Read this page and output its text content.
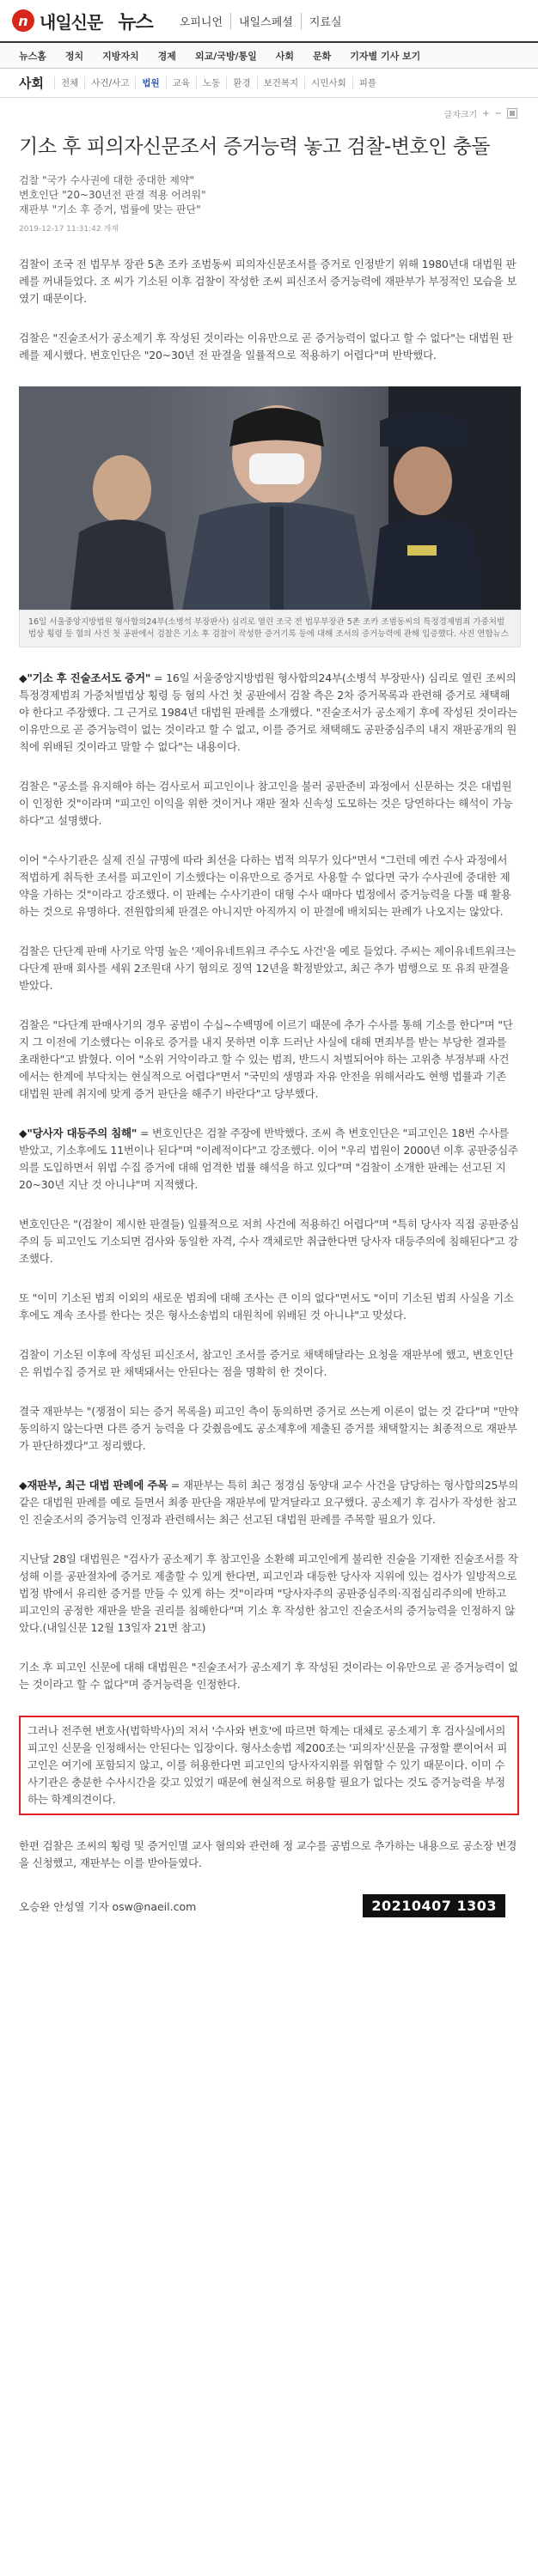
n 내일신문 뉴스	오피니언	내일스페셜	지료실
뉴스홈	정치	지방자치	경제	외교/국방/통일	사회	문화	기자별 기사 보기
사회	전체	사건/사고	법원	교육	노동	환경	보건복지	시민사회	피플
글자크기 + −
기소 후 피의자신문조서 증거능력 놓고 검찰-변호인 충돌
검찰 "국가 수사권에 대한 중대한 제약"
변호인단 "20~30년전 판결 적용 어려워"
재판부 "기소 후 증거, 법률에 맞는 판단"
2019-12-17 11:31:42 게재

검찰이 조국 전 법무부 장관 5촌 조카 조범동씨 피의자신문조서를 증거로 인정받기 위해 1980년대 대법원 판례를 꺼내들었다. 조 씨가 기소된 이후 검찰이 작성한 조씨 피신조서 증거능력에 재판부가 부정적인 모습을 보였기 때문이다.

검찰은 "진술조서가 공소제기 후 작성된 것이라는 이유만으로 곧 증거능력이 없다고 할 수 없다"는 대법원 판례를 제시했다. 변호인단은 "20~30년 전 판결을 일률적으로 적용하기 어렵다"며 반박했다.

16일 서울중앙지방법원 형사합의24부(소병석 부장판사) 심리로 열린 조국 전 법무부장관 5촌 조카 조범동씨의 특정경제범죄 가중처벌법상 횡령 등 혐의 사건 첫 공판에서 검찰은 기소 후 검찰이 작성한 증거기록 등에 대해 조서의 증거능력에 관해 입증했다. 사진 연합뉴스

◆"기소 후 진술조서도 증거" = 16일 서울중앙지방법원 형사합의24부(소병석 부장판사) 심리로 열린 조씨의 특정경제범죄 가중처벌법상 횡령 등 혐의 사건 첫 공판에서 검찰 측은 2차 증거목록과 관련해 증거로 채택해야 한다고 주장했다. 그 근거로 1984년 대법원 판례를 소개했다. "진술조서가 공소제기 후에 작성된 것이라는 이유만으로 곧 증거능력이 없는 것이라고 할 수 없고, 이를 증거로 채택해도 공판중심주의 내지 재판공개의 원칙에 위배된 것이라고 말할 수 없다"는 내용이다.

검찰은 "공소를 유지해야 하는 검사로서 피고인이나 참고인을 불러 공판준비 과정에서 신문하는 것은 대법원이 인정한 것"이라며 "피고인 이익을 위한 것이거나 재판 절차 신속성 도모하는 것은 당연하다는 해석이 가능하다"고 설명했다.

이어 "수사기관은 실제 진실 규명에 따라 최선을 다하는 법적 의무가 있다"면서 "그런데 예컨 수사 과정에서 적법하게 취득한 조서를 피고인이 기소했다는 이유만으로 증거로 사용할 수 없다면 국가 수사권에 중대한 제약을 가하는 것"이라고 강조했다. 이 판례는 수사기관이 대형 수사 때마다 법정에서 증거능력을 다툴 때 활용하는 것으로 유명하다. 전원합의체 판결은 아니지만 아직까지 이 판결에 배치되는 판례가 나오지는 않았다.

검찰은 단단계 판매 사기로 악명 높은 '제이유네트워크 주수도 사건'을 예로 들었다. 주씨는 제이유네트워크는 다단계 판매 회사를 세워 2조원대 사기 혐의로 징역 12년을 확정받았고, 최근 추가 범행으로 또 유죄 판결을 받았다.

검찰은 "다단계 판매사기의 경우 공범이 수십~수백명에 이르기 때문에 추가 수사를 통해 기소를 한다"며 "단지 그 이전에 기소했다는 이유로 증거를 내지 못하면 이후 드러난 사실에 대해 면죄부를 받는 부당한 결과를 초래한다"고 밝혔다. 이어 "소위 거악이라고 할 수 있는 범죄, 반드시 처벌되어야 하는 고위층 부정부패 사건에서는 한계에 부닥치는 현실적으로 어렵다"면서 "국민의 생명과 자유 안전을 위해서라도 현행 법률과 기존 대법원 판례 취지에 맞게 증거 판단을 해주기 바란다"고 당부했다.

◆"당사자 대등주의 침해" = 변호인단은 검찰 주장에 반박했다. 조씨 측 변호인단은 "피고인은 18번 수사를 받았고, 기소후에도 11번이나 된다"며 "이례적이다"고 강조했다. 이어 "우리 법원이 2000년 이후 공판중심주의를 도입하면서 위법 수집 증거에 대해 엄격한 법률 해석을 하고 있다"며 "검찰이 소개한 판례는 선고된 지 20~30년 지난 것 아니냐"며 지적했다.

변호인단은 "(검찰이 제시한 판결들) 일률적으로 저희 사건에 적용하긴 어렵다"며 "특히 당사자 직접 공판중심주의 등 피고인도 기소되면 검사와 동일한 자격, 수사 객체로만 취급한다면 당사자 대등주의에 침해된다"고 강조했다.

또 "이미 기소된 범죄 이외의 새로운 범죄에 대해 조사는 큰 이의 없다"면서도 "이미 기소된 범죄 사실을 기소 후에도 계속 조사를 한다는 것은 형사소송법의 대원칙에 위배된 것 아니냐"고 맞섰다.

검찰이 기소된 이후에 작성된 피신조서, 참고인 조서를 증거로 채택해달라는 요청을 재판부에 했고, 변호인단은 위법수집 증거로 판 채택돼서는 안된다는 점을 명확히 한 것이다.

결국 재판부는 "(쟁점이 되는 증거 목록을) 피고인 측이 동의하면 증거로 쓰는게 이론이 없는 것 같다"며 "만약 동의하지 않는다면 다른 증거 능력을 다 갖췄음에도 공소제후에 제출된 증거를 채택할지는 최종적으로 재판부가 판단하겠다"고 정리했다.

◆재판부, 최근 대법 판례에 주목 = 재판부는 특히 최근 정경심 동양대 교수 사건을 담당하는 형사합의25부의 같은 대법원 판례를 예로 들면서 최종 판단을 재판부에 맡겨달라고 요구했다. 공소제기 후 검사가 작성한 참고인 진술조서의 증거능력 인정과 관련해서는 최근 선고된 대법원 판례를 주목할 필요가 있다.

지난달 28일 대법원은 "검사가 공소제기 후 참고인을 소환해 피고인에게 불리한 진술을 기재한 진술조서를 작성해 이를 공판절차에 증거로 제출할 수 있게 한다면, 피고인과 대등한 당사자 지위에 있는 검사가 일방적으로 법정 밖에서 유리한 증거를 만들 수 있게 하는 것"이라며 "당사자주의 공판중심주의·직접심리주의에 반하고 피고인의 공정한 재판을 받을 권리를 침해한다"며 기소 후 작성한 참고인 진술조서의 증거능력을 인정하지 않았다.(내일신문 12월 13일자 21면 참고)

기소 후 피고인 신문에 대해 대법원은 "진술조서가 공소제기 후 작성된 것이라는 이유만으로 곧 증거능력이 없는 것이라고 할 수 없다"며 증거능력을 인정한다.

그러나 전주현 변호사(법학박사)의 저서 '수사와 변호'에 따르면 학계는 대체로 공소제기 후 검사실에서의 피고인 신문을 인정해서는 안된다는 입장이다. 형사소송법 제200조는 '피의자'신문을 규정할 뿐이어서 피고인은 여기에 포함되지 않고, 이를 허용한다면 피고인의 당사자지위를 위협할 수 있기 때문이다. 이미 수사기관은 충분한 수사시간을 갖고 있었기 때문에 현실적으로 허용할 필요가 없다는 것도 증거능력을 부정하는 학계의견이다.

한편 검찰은 조씨의 횡령 및 증거인멸 교사 혐의와 관련해 정 교수를 공범으로 추가하는 내용으로 공소장 변경을 신청했고, 재판부는 이를 받아들였다.

오승완 안성열 기자 osw@naeil.com	20210407 1303
